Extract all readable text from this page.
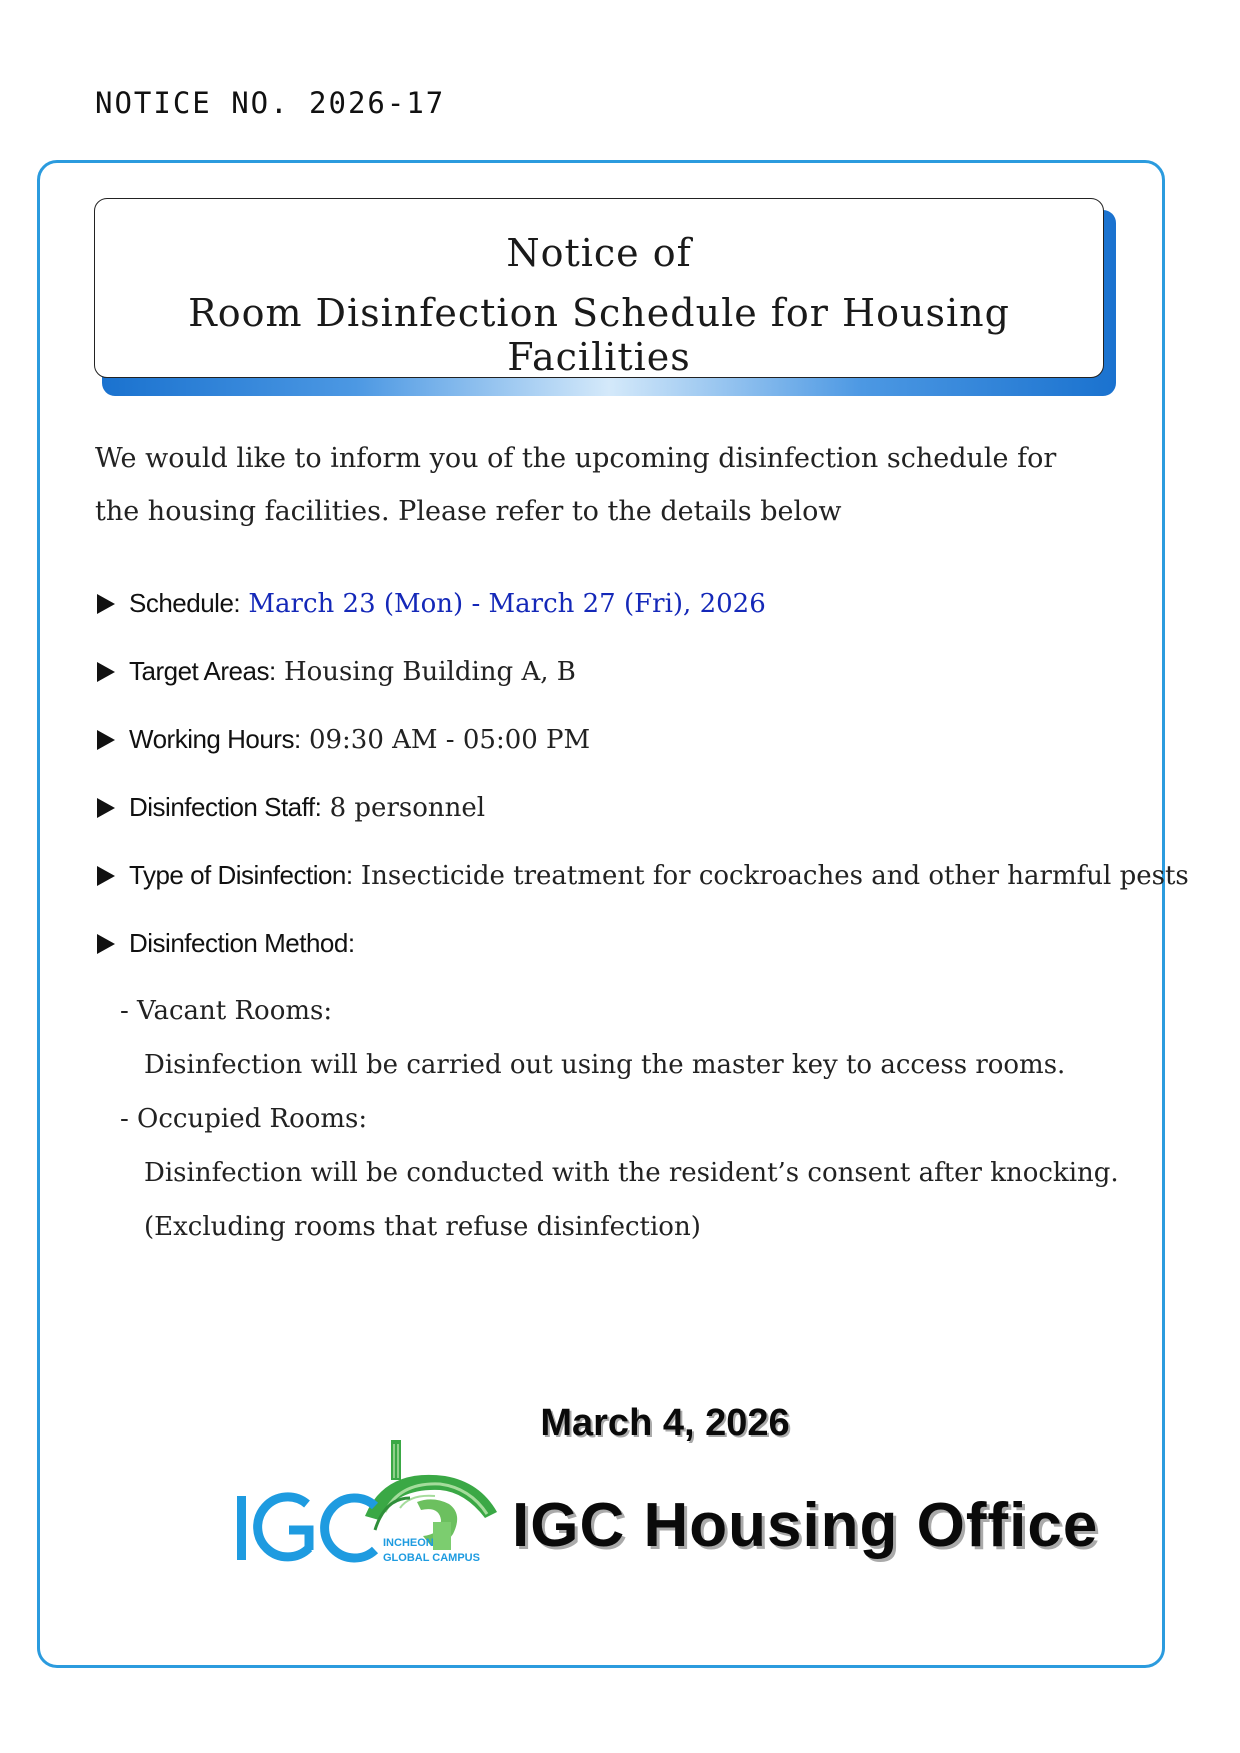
NOTICE NO. 2026-17
Notice of
Room Disinfection Schedule for Housing Facilities
We would like to inform you of the upcoming disinfection schedule for the housing facilities. Please refer to the details below
Schedule: March 23 (Mon) - March 27 (Fri), 2026
Target Areas: Housing Building A, B
Working Hours: 09:30 AM - 05:00 PM
Disinfection Staff: 8 personnel
Type of Disinfection: Insecticide treatment for cockroaches and other harmful pests
Disinfection Method:
- Vacant Rooms:
Disinfection will be carried out using the master key to access rooms.
- Occupied Rooms:
Disinfection will be conducted with the resident’s consent after knocking.
(Excluding rooms that refuse disinfection)
March 4, 2026
INCHEON
GLOBAL CAMPUS IGC Housing Office
